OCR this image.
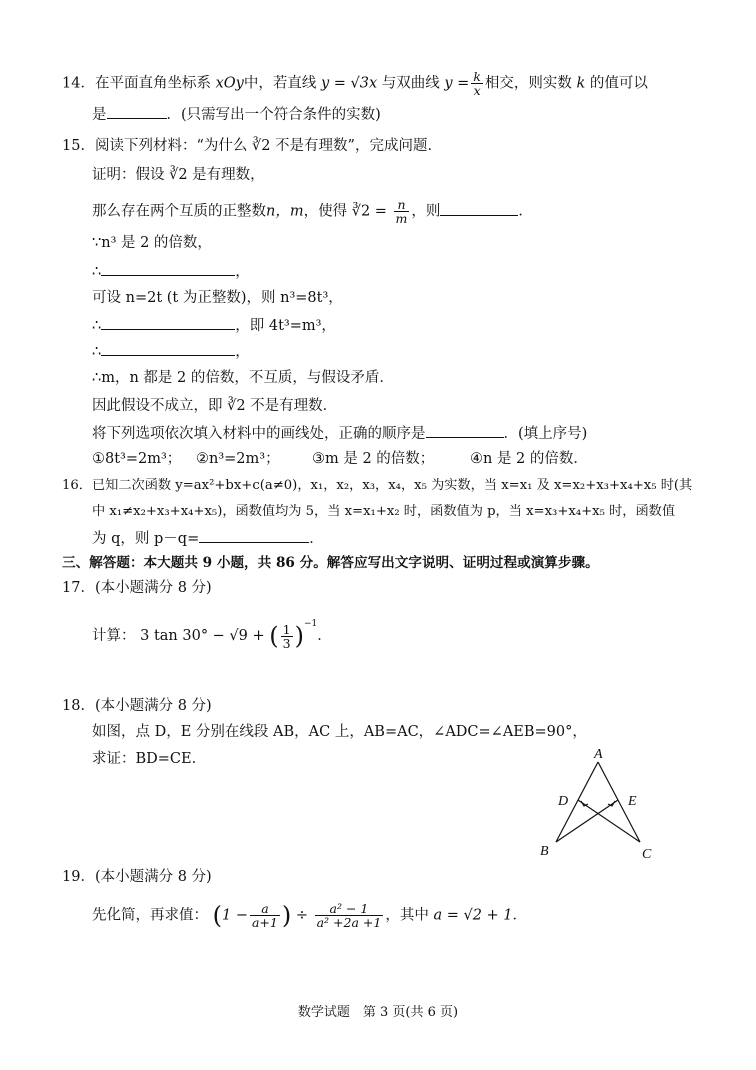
14．在平面直角坐标系 xOy中，若直线 y = √3x 与双曲线 $y = \frac{k}{x}$ 相交，则实数 k 的值可以
是	．(只需写出一个符合条件的实数)
15．阅读下列材料：“为什么 ∛2 不是有理数”，完成问题．
证明：假设 ∛2 是有理数，
那么存在两个互质的正整数n，m，使得 ∛2 = $\frac{n}{m}$ ，则	．
∵n³ 是 2 的倍数，
∴	，
可设 n=2t (t 为正整数)，则 n³=8t³，
∴	，即 4t³=m³，
∴	，
∴m，n 都是 2 的倍数，不互质，与假设矛盾．
因此假设不成立，即 ∛2 不是有理数．
将下列选项依次填入材料中的画线处，正确的顺序是	．(填上序号)
①8t³=2m³； ②n³=2m³； ③m 是 2 的倍数； ④n 是 2 的倍数．
16．已知二次函数 y=ax²+bx+c(a≠0)，x₁，x₂，x₃，x₄，x₅ 为实数，当 x=x₁ 及 x=x₂+x₃+x₄+x₅ 时(其
中 x₁≠x₂+x₃+x₄+x₅)，函数值均为 5，当 x=x₁+x₂ 时，函数值为 p，当 x=x₃+x₄+x₅ 时，函数值
为 q，则 p－q=	．
三、解答题：本大题共 9 小题，共 86 分。解答应写出文字说明、证明过程或演算步骤。
17．(本小题满分 8 分)
计算： 3 tan 30° − √9 + ( $\frac{1}{3} )^{-1}$．
18．(本小题满分 8 分)
如图，点 D，E 分别在线段 AB，AC 上，AB=AC，∠ADC=∠AEB=90°，
求证：BD=CE.	A
B	C
D	E
19．(本小题满分 8 分)
先化简，再求值： ($1 - \frac{a}{a+1}$ ) ÷ $\frac{\text{a² − 1}}{\text{a² +2a +1}}$ ，其中 a = √2 + 1．
数学试题　第 3 页(共 6 页)
